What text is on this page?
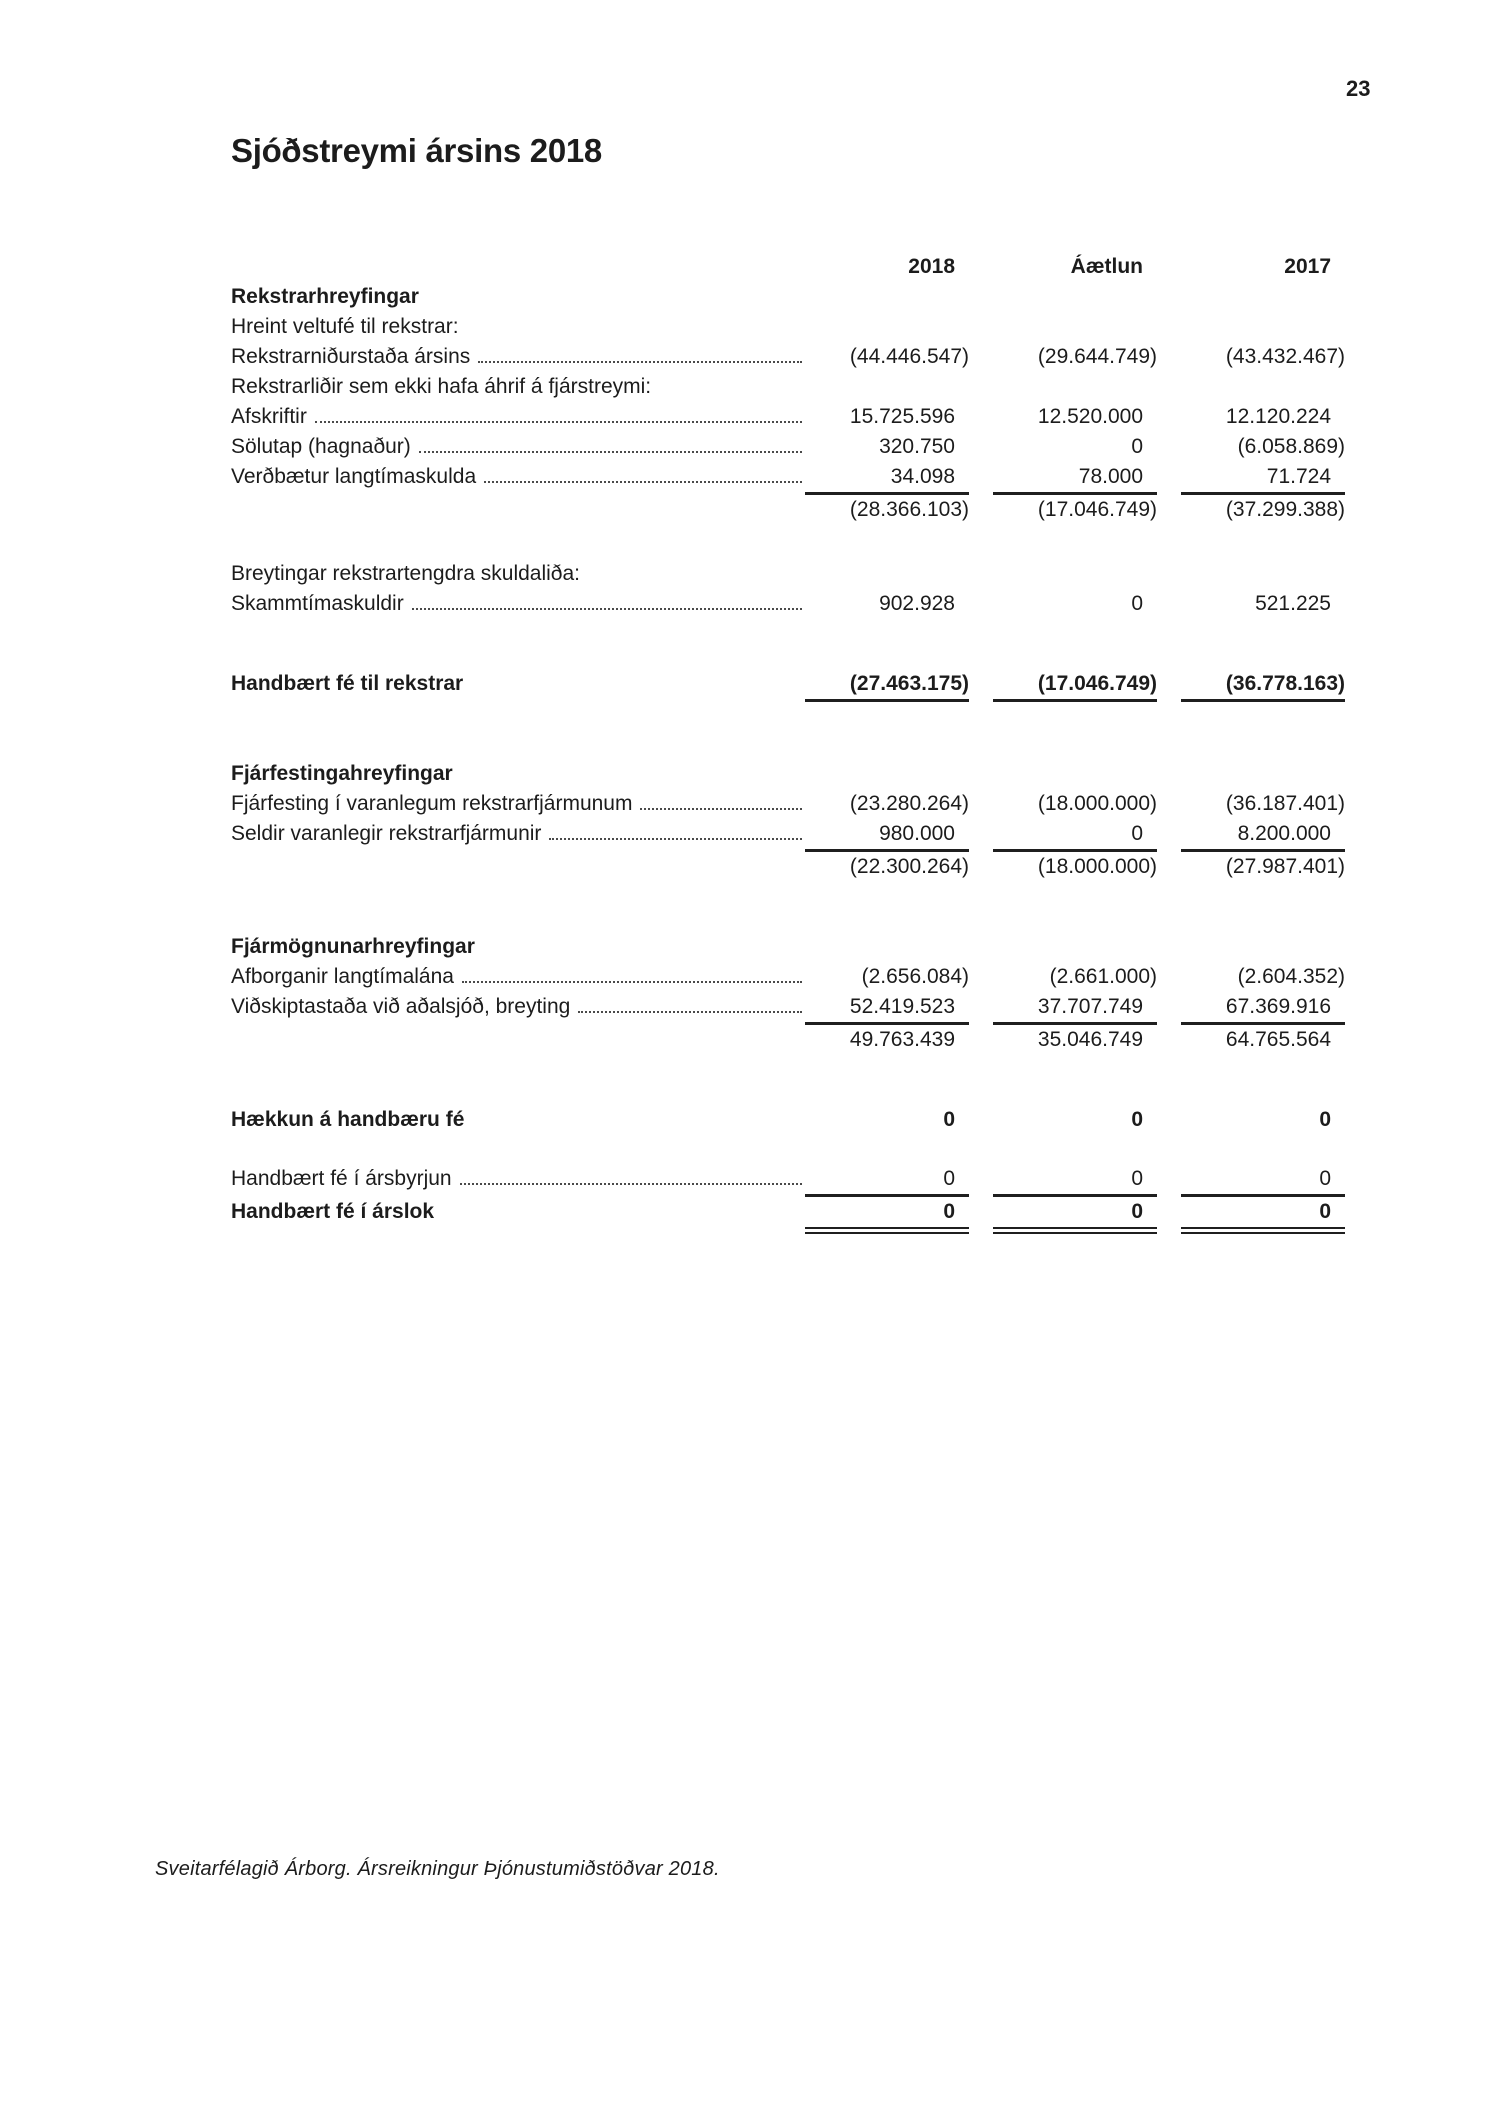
23
Sjóðstreymi ársins 2018
2018	Áætlun	2017
Rekstrarhreyfingar
Hreint veltufé til rekstrar:
Rekstrarniðurstaða ársins	(44.446.547)	(29.644.749)	(43.432.467)
Rekstrarliðir sem ekki hafa áhrif á fjárstreymi:
Afskriftir	15.725.596	12.520.000	12.120.224
Sölutap (hagnaður)	320.750	0	(6.058.869)
Verðbætur langtímaskulda	34.098	78.000	71.724
(28.366.103)	(17.046.749)	(37.299.388)
Breytingar rekstrartengdra skuldaliða:
Skammtímaskuldir	902.928	0	521.225
Handbært fé til rekstrar	(27.463.175)	(17.046.749)	(36.778.163)
Fjárfestingahreyfingar
Fjárfesting í varanlegum rekstrarfjármunum	(23.280.264)	(18.000.000)	(36.187.401)
Seldir varanlegir rekstrarfjármunir	980.000	0	8.200.000
(22.300.264)	(18.000.000)	(27.987.401)
Fjármögnunarhreyfingar
Afborganir langtímalána	(2.656.084)	(2.661.000)	(2.604.352)
Viðskiptastaða við aðalsjóð, breyting	52.419.523	37.707.749	67.369.916
49.763.439	35.046.749	64.765.564
Hækkun á handbæru fé	0	0	0
Handbært fé í ársbyrjun	0	0	0
Handbært fé í árslok	0	0	0
Sveitarfélagið Árborg. Ársreikningur Þjónustumiðstöðvar 2018.
